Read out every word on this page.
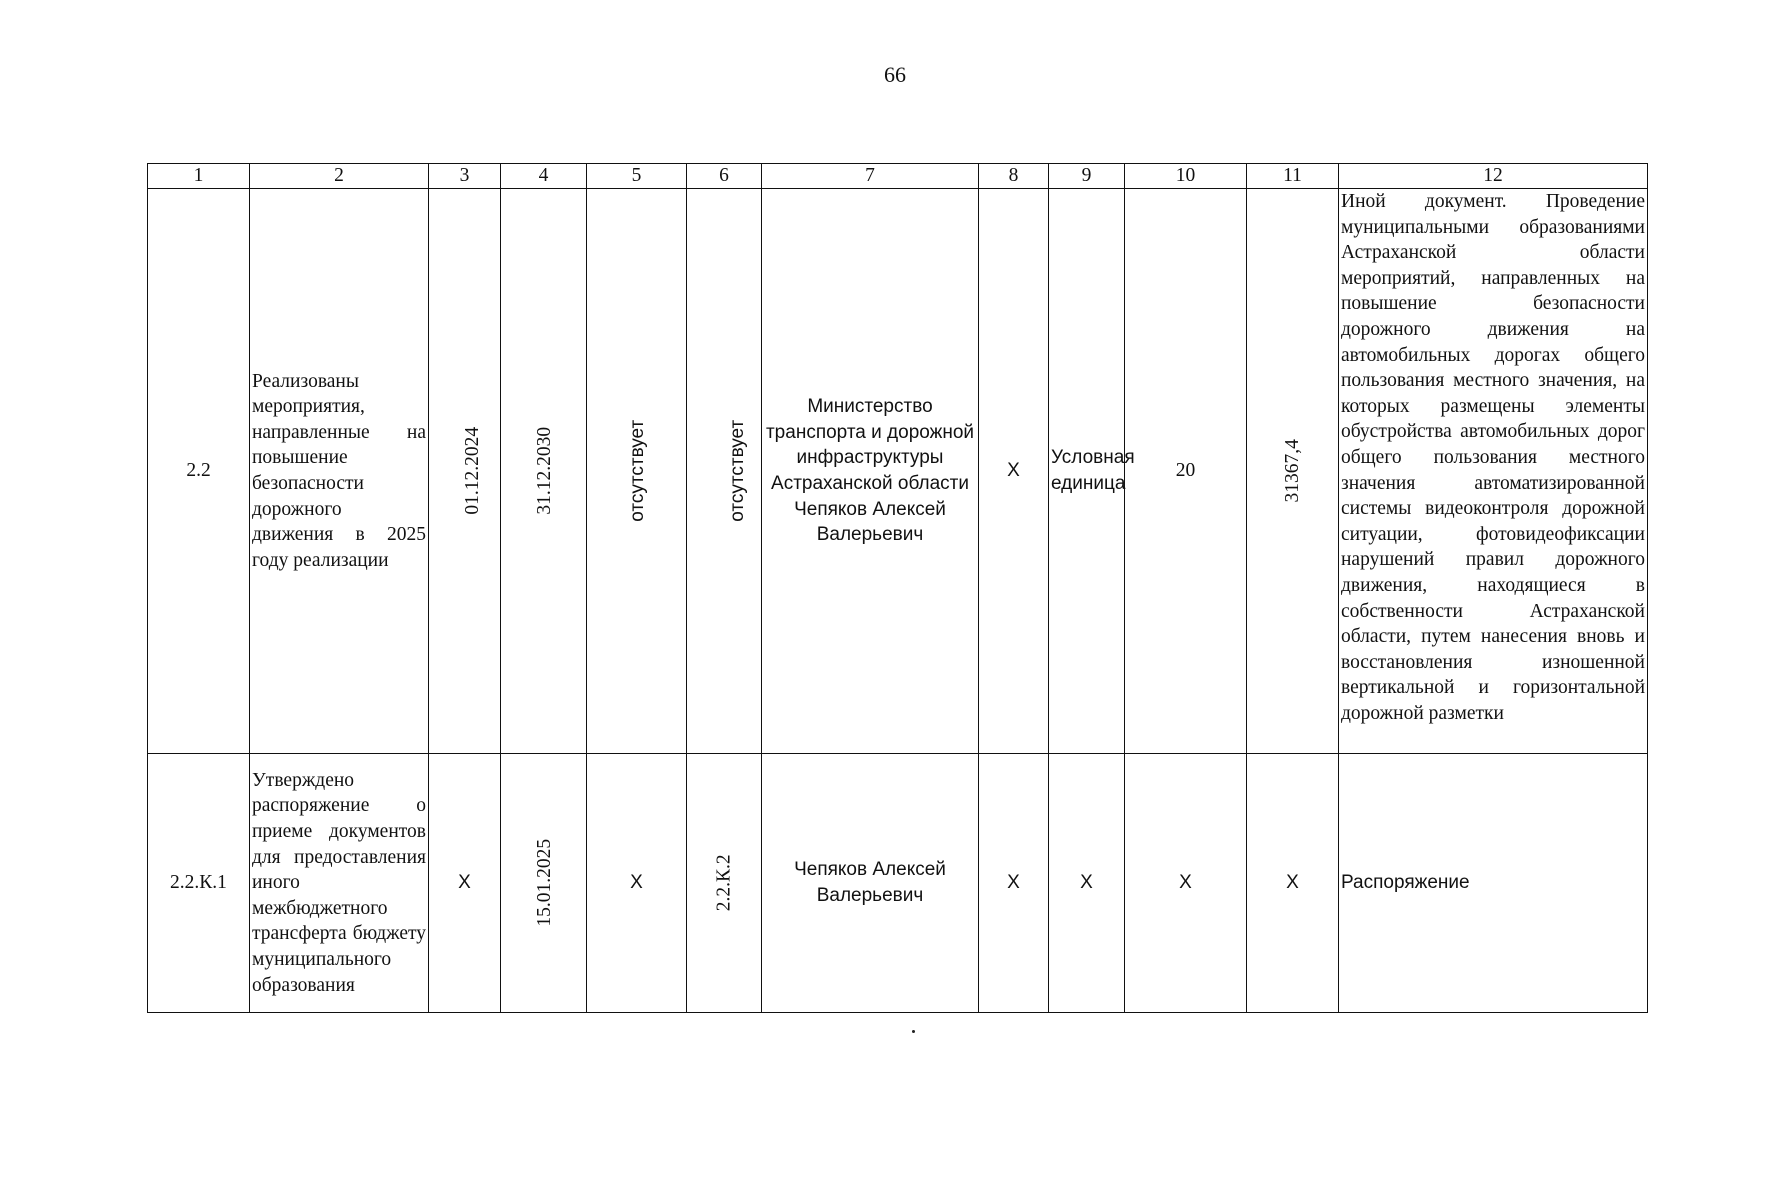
66
1	2	3	4	5	6	7	8	9	10	11	12
2.2	Реализованы мероприятия, направленные на повышение безопасности дорожного движения в 2025 году реализации	01.12.2024	31.12.2030	отсутствует	отсутствует	Министерство транспорта и дорожной инфраструктуры Астраханской области Чепяков Алексей Валерьевич	X	Условная единица	20	31367,4	Иной документ. Проведение муниципальными образованиями Астраханской области мероприятий, направленных на повышение безопасности дорожного движения на автомобильных дорогах общего пользования местного значения, на которых размещены элементы обустройства автомобильных дорог общего пользования местного значения автоматизированной системы видеоконтроля дорожной ситуации, фотовидеофиксации нарушений правил дорожного движения, находящиеся в собственности Астраханской области, путем нанесения вновь и восстановления изношенной вертикальной и горизонтальной дорожной разметки
2.2.К.1	Утверждено распоряжение о приеме документов для предоставления иного межбюджетного трансферта бюджету муниципального образования	X	15.01.2025	X	2.2.К.2	Чепяков Алексей Валерьевич	X	X	X	X	Распоряжение
